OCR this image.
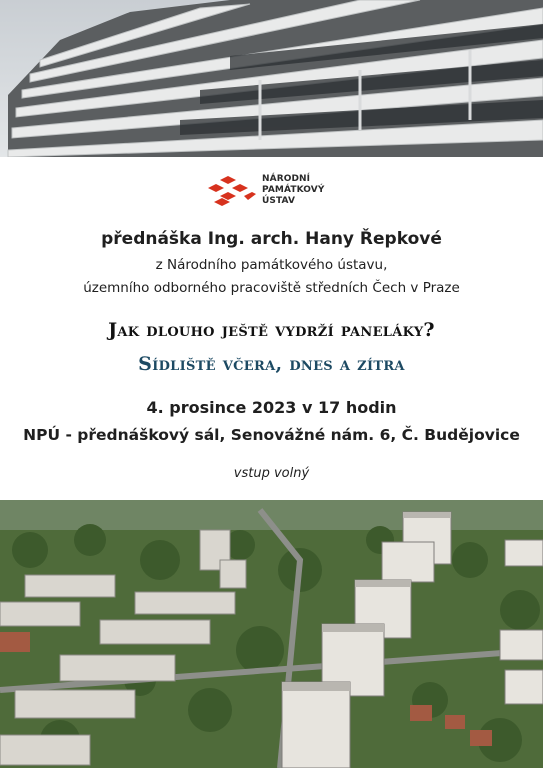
NÁRODNÍ
PAMÁTKOVÝ
ÚSTAV
přednáška Ing. arch. Hany Řepkové
z Národního památkového ústavu,
územního odborného pracoviště středních Čech v Praze
Jak dlouho ještě vydrží paneláky?
Sídliště včera, dnes a zítra
4. prosince 2023 v 17 hodin
NPÚ - přednáškový sál, Senovážné nám. 6, Č. Budějovice
vstup volný
